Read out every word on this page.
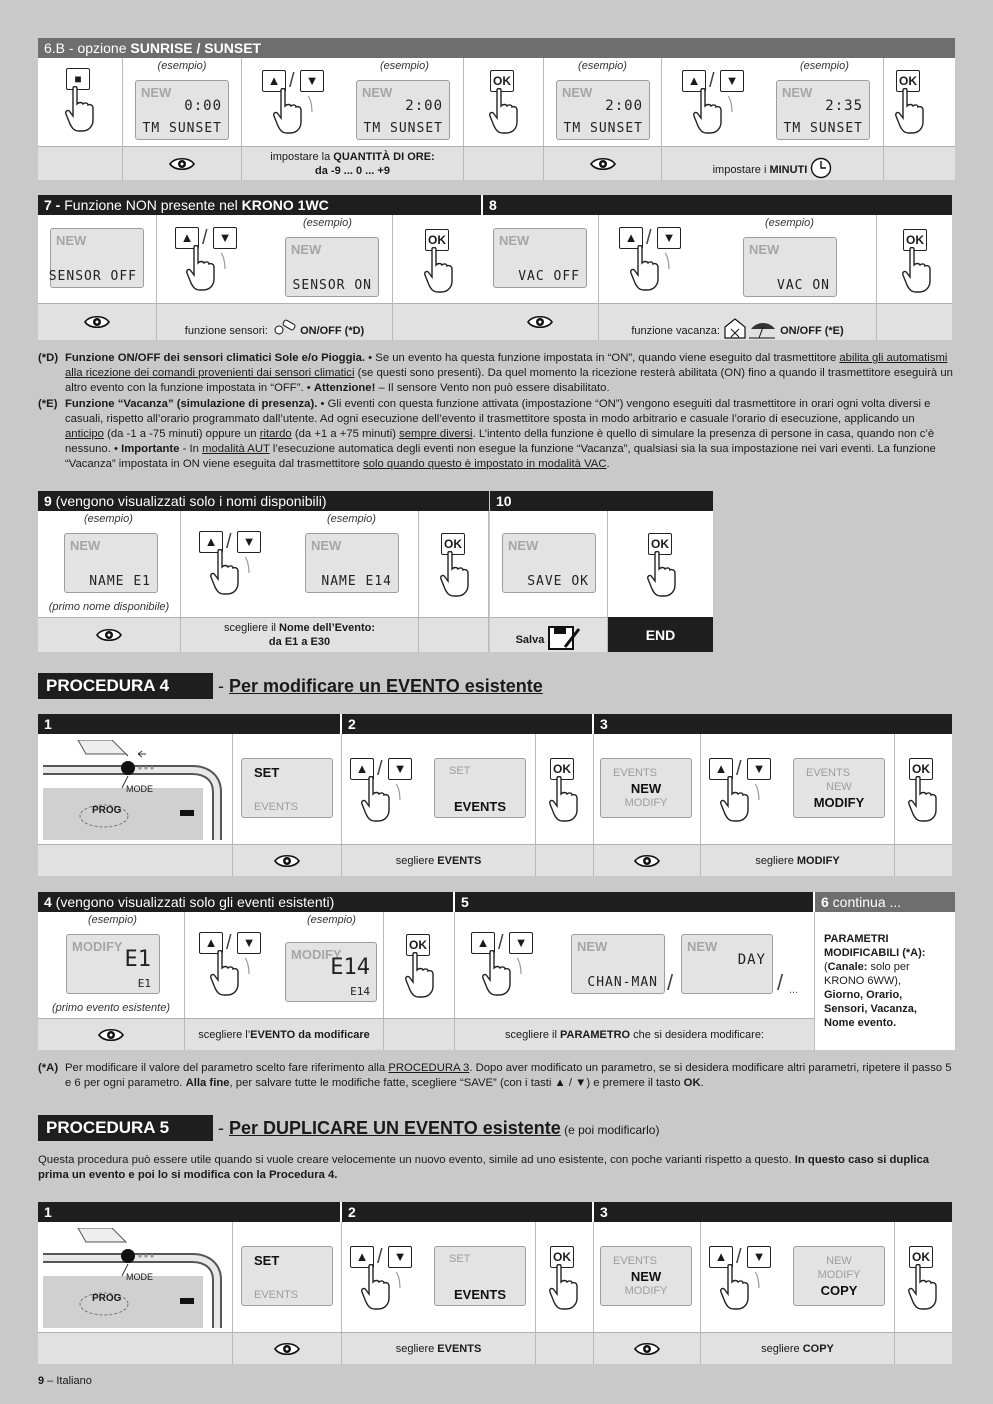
6.B - opzione SUNRISE / SUNSET
■
(esempio)
NEW
0:00
TM SUNSET
(esempio)
▲ / ▼
NEW
2:00
TM SUNSET
OK
(esempio)
NEW
2:00
TM SUNSET
(esempio)
▲ / ▼
NEW
2:35
TM SUNSET
OK
impostare la QUANTITÀ DI ORE:
da -9 ... 0 ... +9	impostare i MINUTI
7 - Funzione NON presente nel KRONO 1WC
NEW
SENSOR OFF
(esempio)
▲ / ▼
NEW
SENSOR ON
OK
funzione sensori:	ON/OFF (*D)
8
NEW
VAC OFF
(esempio)
▲ / ▼
NEW
VAC ON
OK
funzione vacanza:	ON/OFF (*E)
(*D) Funzione ON/OFF dei sensori climatici Sole e/o Pioggia. • Se un evento ha questa funzione impostata in “ON”, quando viene eseguito dal trasmettitore abilita gli automatismi alla ricezione dei comandi provenienti dai sensori climatici (se questi sono presenti). Da quel momento la ricezione resterà abilitata (ON) fino a quando il trasmettitore eseguirà un altro evento con la funzione impostata in “OFF”. • Attenzione! – Il sensore Vento non può essere disabilitato.
(*E) Funzione “Vacanza” (simulazione di presenza). • Gli eventi con questa funzione attivata (impostazione “ON”) vengono eseguiti dal trasmettitore in orari ogni volta diversi e casuali, rispetto all’orario programmato dall’utente. Ad ogni esecuzione dell’evento il trasmettitore sposta in modo arbitrario e casuale l’orario di esecuzione, applicando un anticipo (da -1 a -75 minuti) oppure un ritardo (da +1 a +75 minuti) sempre diversi. L’intento della funzione è quello di simulare la presenza di persone in casa, quando non c’è nessuno. • Importante - In modalità AUT l’esecuzione automatica degli eventi non esegue la funzione “Vacanza”, qualsiasi sia la sua impostazione nei vari eventi. La funzione “Vacanza” impostata in ON viene eseguita dal trasmettitore solo quando questo è impostato in modalità VAC.
9 (vengono visualizzati solo i nomi disponibili)
(esempio)
NEW
NAME E1
(primo nome disponibile)
(esempio)
▲ / ▼	NEW
NAME E14
OK
scegliere il Nome dell’Evento:
da E1 a E30
10
NEW
SAVE OK
OK
Salva	END
PROCEDURA 4	- Per modificare un EVENTO esistente
1	2	3
MODE
PROG
SET
EVENTS
▲ / ▼	SET
EVENTS
OK	EVENTS
NEW
MODIFY
▲ / ▼	EVENTS
NEW
MODIFY
OK
segliere EVENTS	segliere MODIFY
4 (vengono visualizzati solo gli eventi esistenti)	5	6 continua ...
(esempio)
MODIFY
E1
E1
(primo evento esistente)
(esempio)
▲ / ▼
MODIFY
E14
E14
OK	▲ / ▼	NEW
CHAN-MAN /
NEW
DAY
/ ...
PARAMETRI MODIFICABILI (*A):
(Canale: solo per KRONO 6WW),
Giorno, Orario, Sensori, Vacanza, Nome evento.
scegliere l’EVENTO da modificare	scegliere il PARAMETRO che si desidera modificare:
(*A) Per modificare il valore del parametro scelto fare riferimento alla PROCEDURA 3. Dopo aver modificato un parametro, se si desidera modificare altri parametri, ripetere il passo 5 e 6 per ogni parametro. Alla fine, per salvare tutte le modifiche fatte, scegliere “SAVE” (con i tasti ▲ / ▼) e premere il tasto OK.
PROCEDURA 5	- Per DUPLICARE UN EVENTO esistente (e poi modificarlo)
Questa procedura può essere utile quando si vuole creare velocemente un nuovo evento, simile ad uno esistente, con poche varianti rispetto a questo. In questo caso si duplica prima un evento e poi lo si modifica con la Procedura 4.
1	2	3
MODE
PROG
SET
EVENTS
▲ / ▼	SET
EVENTS
OK	EVENTS
NEW
MODIFY
▲ / ▼	NEW
MODIFY
COPY
OK
segliere EVENTS	segliere COPY
9 – Italiano
